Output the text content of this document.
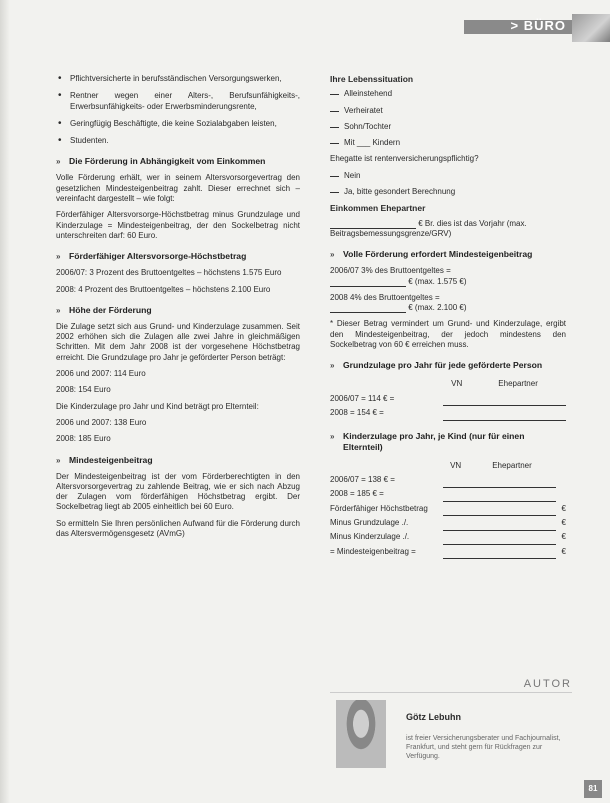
> BÜRO
• Pflichtversicherte in berufsständischen Versorgungswerken,
• Rentner wegen einer Alters-, Berufsunfähigkeits-, Erwerbsunfähigkeits- oder Erwerbsminderungsrente,
• Geringfügig Beschäftigte, die keine Sozialabgaben leisten,
• Studenten.
» Die Förderung in Abhängigkeit vom Einkommen

Volle Förderung erhält, wer in seinem Altersvorsorgevertrag den gesetzlichen Mindesteigenbeitrag zahlt. Dieser errechnet sich – vereinfacht dargestellt – wie folgt:

Förderfähiger Altersvorsorge-Höchstbetrag minus Grundzulage und Kinderzulage = Mindesteigenbeitrag, der den Sockelbetrag nicht unterschreiten darf: 60 Euro.

» Förderfähiger Altersvorsorge-Höchstbetrag

2006/07: 3 Prozent des Bruttoentgeltes – höchstens 1.575 Euro

2008: 4 Prozent des Bruttoentgeltes – höchstens 2.100 Euro

» Höhe der Förderung

Die Zulage setzt sich aus Grund- und Kinderzulage zusammen. Seit 2002 erhöhen sich die Zulagen alle zwei Jahre in gleichmäßigen Schritten. Mit dem Jahr 2008 ist der vorgesehene Höchstbetrag erreicht. Die Grundzulage pro Jahr je geförderter Person beträgt:

2006 und 2007: 114 Euro

2008: 154 Euro

Die Kinderzulage pro Jahr und Kind beträgt pro Elternteil:

2006 und 2007: 138 Euro

2008: 185 Euro

» Mindesteigenbeitrag

Der Mindesteigenbeitrag ist der vom Förderberechtigten in den Altersvorsorgevertrag zu zahlende Beitrag, wie er sich nach Abzug der Zulagen vom förderfähigen Höchstbetrag ergibt. Der Sockelbetrag liegt ab 2005 einheitlich bei 60 Euro.

So ermitteln Sie Ihren persönlichen Aufwand für die Förderung durch das Altersvermögensgesetz (AVmG)

Ihre Lebenssituation
Alleinstehend
Verheiratet
Sohn/Tochter
Mit ___ Kindern
Ehegatte ist rentenversicherungspflichtig?
Nein
Ja, bitte gesondert Berechnung
Einkommen Ehepartner
€ Br. dies ist das Vorjahr (max. Beitragsbemessungsgrenze/GRV)
» Volle Förderung erfordert Mindesteigenbeitrag
2006/07 3% des Bruttoentgeltes =
€ (max. 1.575 €)
2008 4% des Bruttoentgeltes =
€ (max. 2.100 €)

* Dieser Betrag vermindert um Grund- und Kinderzulage, ergibt den Mindesteigenbeitrag, der jedoch mindestens den Sockelbetrag von 60 € erreichen muss.

» Grundzulage pro Jahr für jede geförderte Person
	VN	Ehepartner
2006/07 = 114 € =		
2008 = 154 € =		
» Kinderzulage pro Jahr, je Kind (nur für einen Elternteil)
	VN	Ehepartner	
2006/07 = 138 € =			
2008 = 185 € =			
Förderfähiger Höchstbetrag			€
Minus Grundzulage ./.			€
Minus Kinderzulage ./.			€
= Mindesteigenbeitrag =			€
AUTOR
Götz Lebuhn
ist freier Versicherungsberater und Fachjournalist, Frankfurt, und steht gern für Rückfragen zur Verfügung.
81
